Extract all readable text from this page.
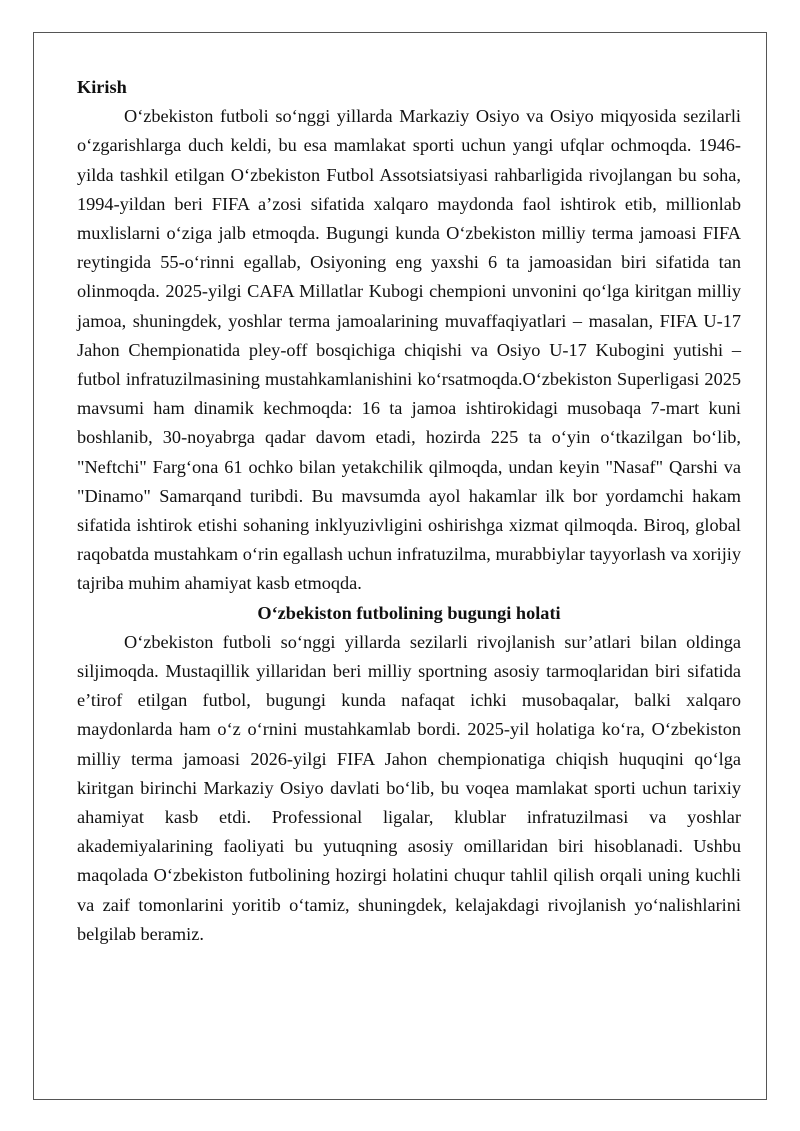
Kirish

O‘zbekiston futboli so‘nggi yillarda Markaziy Osiyo va Osiyo miqyosida sezilarli o‘zgarishlarga duch keldi, bu esa mamlakat sporti uchun yangi ufqlar ochmoqda. 1946-yilda tashkil etilgan O‘zbekiston Futbol Assotsiatsiyasi rahbarligida rivojlangan bu soha, 1994-yildan beri FIFA a’zosi sifatida xalqaro maydonda faol ishtirok etib, millionlab muxlislarni o‘ziga jalb etmoqda. Bugungi kunda O‘zbekiston milliy terma jamoasi FIFA reytingida 55-o‘rinni egallab, Osiyoning eng yaxshi 6 ta jamoasidan biri sifatida tan olinmoqda. 2025-yilgi CAFA Millatlar Kubogi chempioni unvonini qo‘lga kiritgan milliy jamoa, shuningdek, yoshlar terma jamoalarining muvaffaqiyatlari – masalan, FIFA U-17 Jahon Chempionatida pley-off bosqichiga chiqishi va Osiyo U-17 Kubogini yutishi – futbol infratuzilmasining mustahkamlanishini ko‘rsatmoqda.O‘zbekiston Superligasi 2025 mavsumi ham dinamik kechmoqda: 16 ta jamoa ishtirokidagi musobaqa 7-mart kuni boshlanib, 30-noyabrga qadar davom etadi, hozirda 225 ta o‘yin o‘tkazilgan bo‘lib, "Neftchi" Farg‘ona 61 ochko bilan yetakchilik qilmoqda, undan keyin "Nasaf" Qarshi va "Dinamo" Samarqand turibdi. Bu mavsumda ayol hakamlar ilk bor yordamchi hakam sifatida ishtirok etishi sohaning inklyuzivligini oshirishga xizmat qilmoqda. Biroq, global raqobatda mustahkam o‘rin egallash uchun infratuzilma, murabbiylar tayyorlash va xorijiy tajriba muhim ahamiyat kasb etmoqda.

O‘zbekiston futbolining bugungi holati

O‘zbekiston futboli so‘nggi yillarda sezilarli rivojlanish sur’atlari bilan oldinga siljimoqda. Mustaqillik yillaridan beri milliy sportning asosiy tarmoqlaridan biri sifatida e’tirof etilgan futbol, bugungi kunda nafaqat ichki musobaqalar, balki xalqaro maydonlarda ham o‘z o‘rnini mustahkamlab bordi. 2025-yil holatiga ko‘ra, O‘zbekiston milliy terma jamoasi 2026-yilgi FIFA Jahon chempionatiga chiqish huquqini qo‘lga kiritgan birinchi Markaziy Osiyo davlati bo‘lib, bu voqea mamlakat sporti uchun tarixiy ahamiyat kasb etdi. Professional ligalar, klublar infratuzilmasi va yoshlar akademiyalarining faoliyati bu yutuqning asosiy omillaridan biri hisoblanadi. Ushbu maqolada O‘zbekiston futbolining hozirgi holatini chuqur tahlil qilish orqali uning kuchli va zaif tomonlarini yoritib o‘tamiz, shuningdek, kelajakdagi rivojlanish yo‘nalishlarini belgilab beramiz.
